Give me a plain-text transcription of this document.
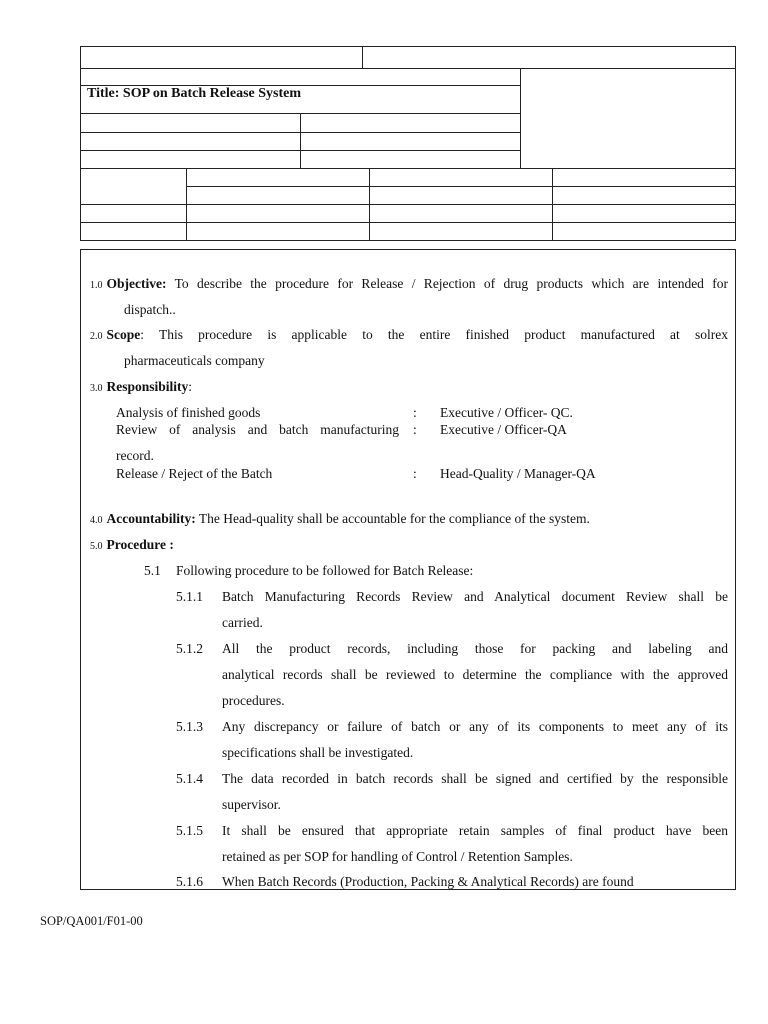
Title: SOP on Batch Release System
1.0 Objective: To describe the procedure for Release / Rejection of drug products which are intended for
dispatch..
2.0 Scope: This procedure is applicable to the entire finished product manufactured at solrex
pharmaceuticals company
3.0 Responsibility:
Analysis of finished goods	: Executive / Officer- QC.
Review of analysis and batch manufacturing : Executive / Officer-QA
record.
Release / Reject of the Batch	: Head-Quality / Manager-QA
4.0 Accountability: The Head-quality shall be accountable for the compliance of the system.
5.0 Procedure :
5.1 Following procedure to be followed for Batch Release:
5.1.1 Batch Manufacturing Records Review and Analytical document Review shall be
carried.
5.1.2 All the product records, including those for packing and labeling and
analytical records shall be reviewed to determine the compliance with the approved
procedures.
5.1.3 Any discrepancy or failure of batch or any of its components to meet any of its
specifications shall be investigated.
5.1.4 The data recorded in batch records shall be signed and certified by the responsible
supervisor.
5.1.5 It shall be ensured that appropriate retain samples of final product have been
retained as per SOP for handling of Control / Retention Samples.
5.1.6 When Batch Records (Production, Packing & Analytical Records) are found
SOP/QA001/F01-00
